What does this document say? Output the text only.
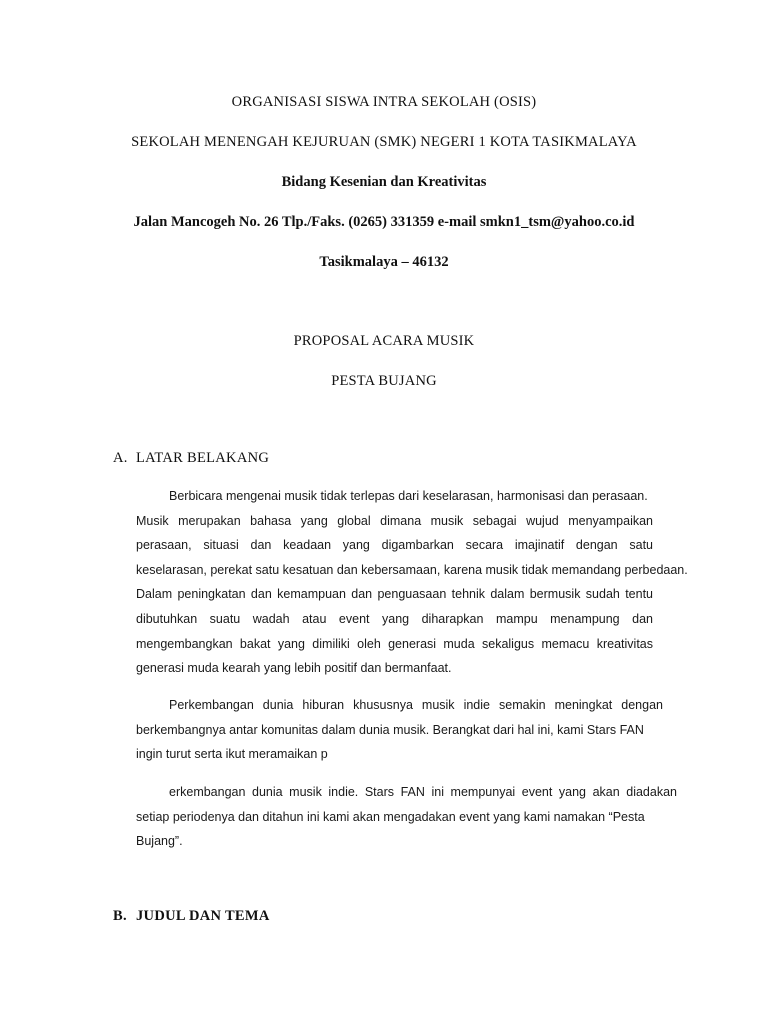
ORGANISASI SISWA INTRA SEKOLAH (OSIS)
SEKOLAH MENENGAH KEJURUAN (SMK) NEGERI 1 KOTA TASIKMALAYA
Bidang Kesenian dan Kreativitas
Jalan Mancogeh No. 26 Tlp./Faks. (0265) 331359 e-mail smkn1_tsm@yahoo.co.id
Tasikmalaya – 46132
PROPOSAL ACARA MUSIK
PESTA BUJANG
A. LATAR BELAKANG
Berbicara mengenai musik tidak terlepas dari keselarasan, harmonisasi dan perasaan.
Musik merupakan bahasa yang global dimana musik sebagai wujud menyampaikan
perasaan, situasi dan keadaan yang digambarkan secara imajinatif dengan satu
keselarasan, perekat satu kesatuan dan kebersamaan, karena musik tidak memandang perbedaan.
Dalam peningkatan dan kemampuan dan penguasaan tehnik dalam bermusik sudah tentu
dibutuhkan suatu wadah atau event yang diharapkan mampu menampung dan
mengembangkan bakat yang dimiliki oleh generasi muda sekaligus memacu kreativitas
generasi muda kearah yang lebih positif dan bermanfaat.
Perkembangan dunia hiburan khususnya musik indie semakin meningkat dengan
berkembangnya antar komunitas dalam dunia musik. Berangkat dari hal ini, kami Stars FAN
ingin turut serta ikut meramaikan p
erkembangan dunia musik indie. Stars FAN ini mempunyai event yang akan diadakan
setiap periodenya dan ditahun ini kami akan mengadakan event yang kami namakan “Pesta
Bujang”.
B. JUDUL DAN TEMA
